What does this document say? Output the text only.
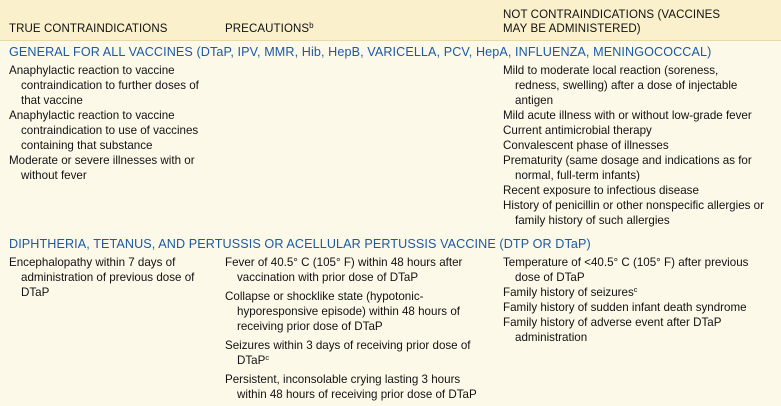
TRUE CONTRAINDICATIONS	PRECAUTIONS$^b$
NOT CONTRAINDICATIONS (VACCINES MAY BE ADMINISTERED)
GENERAL FOR ALL VACCINES (DTaP, IPV, MMR, Hib, HepB, VARICELLA, PCV, HepA, INFLUENZA, MENINGOCOCCAL)

Anaphylactic reaction to vaccine contraindication to further doses of that vaccine

Anaphylactic reaction to vaccine contraindication to use of vaccines containing that substance

Moderate or severe illnesses with or without fever

Mild to moderate local reaction (soreness, redness, swelling) after a dose of injectable antigen

Mild acute illness with or without low-grade fever

Current antimicrobial therapy

Convalescent phase of illnesses

Prematurity (same dosage and indications as for normal, full-term infants)

Recent exposure to infectious disease

History of penicillin or other nonspecific allergies or family history of such allergies

DIPHTHERIA, TETANUS, AND PERTUSSIS OR ACELLULAR PERTUSSIS VACCINE (DTP OR DTaP)

Encephalopathy within 7 days of administration of previous dose of DTaP

Fever of 40.5° C (105° F) within 48 hours after vaccination with prior dose of DTaP

Collapse or shocklike state (hypotonic-hyporesponsive episode) within 48 hours of receiving prior dose of DTaP

Seizures within 3 days of receiving prior dose of DTaP$^c$

Persistent, inconsolable crying lasting 3 hours within 48 hours of receiving prior dose of DTaP

Temperature of <40.5° C (105° F) after previous dose of DTaP

Family history of seizures$^c$

Family history of sudden infant death syndrome

Family history of adverse event after DTaP administration
